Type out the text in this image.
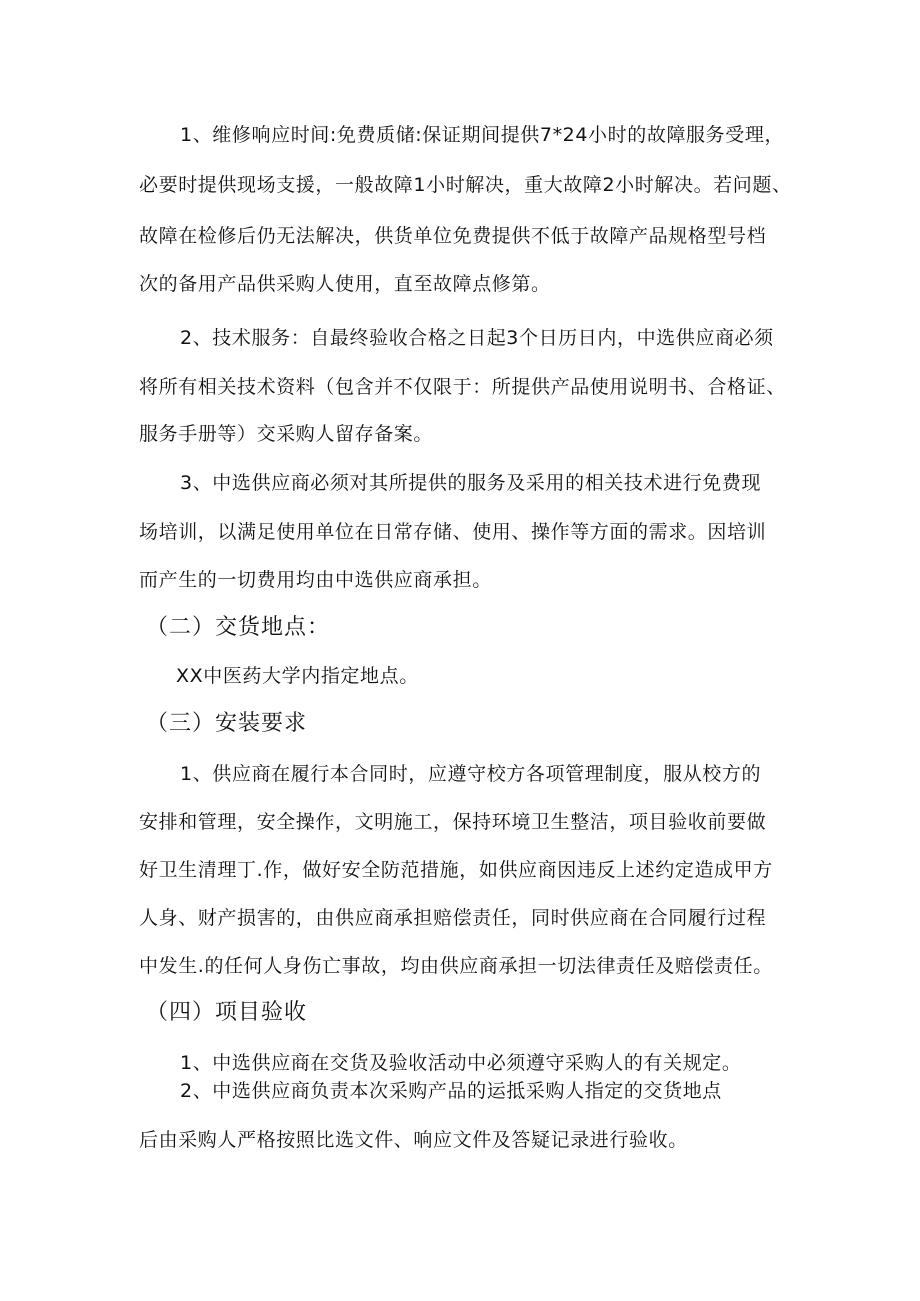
1、维修响应时间:免费质储:保证期间提供7*24小时的故障服务受理，
必要时提供现场支援，一般故障1小时解决，重大故障2小时解决。若问题、
故障在检修后仍无法解决，供货单位免费提供不低于故障产品规格型号档
次的备用产品供采购人使用，直至故障点修第。
2、技术服务：自最终验收合格之日起3个日历日内，中选供应商必须
将所有相关技术资料（包含并不仅限于：所提供产品使用说明书、合格证、
服务手册等）交采购人留存备案。
3、中选供应商必须对其所提供的服务及采用的相关技术进行免费现
场培训，以满足使用单位在日常存储、使用、操作等方面的需求。因培训
而产生的一切费用均由中选供应商承担。
（二）交货地点：
XX中医药大学内指定地点。
（三）安装要求
1、供应商在履行本合同时，应遵守校方各项管理制度，服从校方的
安排和管理，安全操作，文明施工，保持环境卫生整洁，项目验收前要做
好卫生清理丁.作，做好安全防范措施，如供应商因违反上述约定造成甲方
人身、财产损害的，由供应商承担赔偿责任，同时供应商在合同履行过程
中发生.的任何人身伤亡事故，均由供应商承担一切法律责任及赔偿责任。
（四）项目验收
1、中选供应商在交货及验收活动中必须遵守采购人的有关规定。
2、中选供应商负责本次采购产品的运抵采购人指定的交货地点
后由采购人严格按照比选文件、响应文件及答疑记录进行验收。
